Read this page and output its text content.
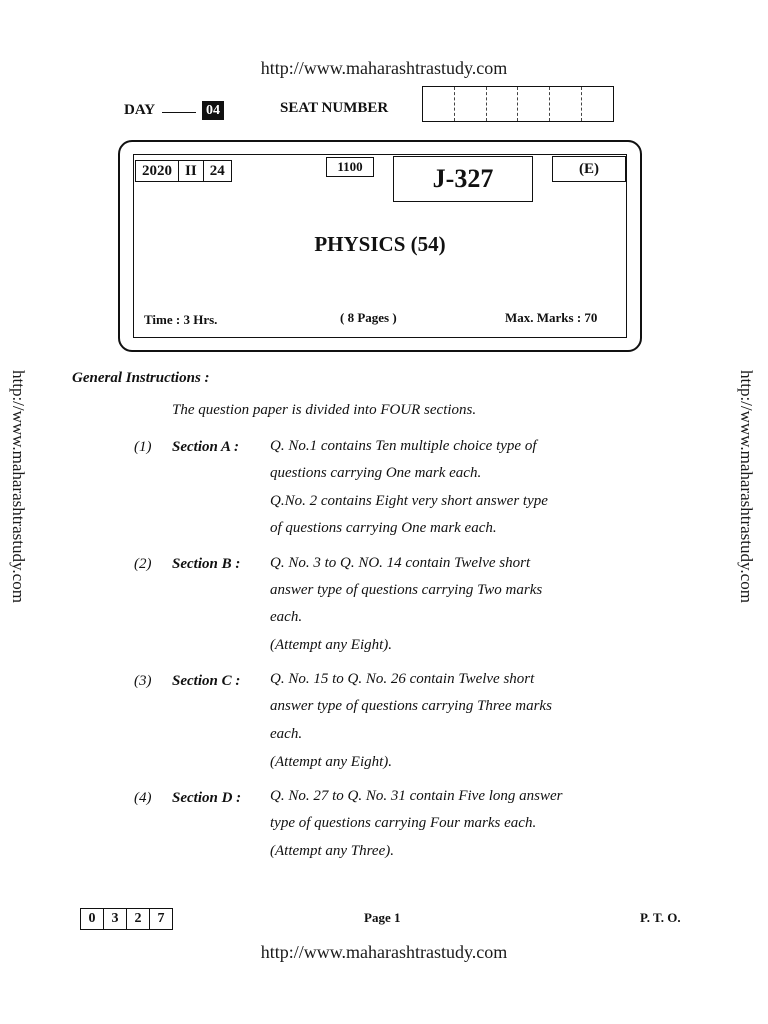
http://www.maharashtrastudy.com
http://www.maharashtrastudy.com
http://www.maharashtrastudy.com	http://www.maharashtrastudy.com
DAY	04	SEAT NUMBER
2020 II 24	1100	J-327	(E)
PHYSICS (54)
Time : 3 Hrs.	( 8 Pages )	Max. Marks : 70
General Instructions :
The question paper is divided into FOUR sections.
(1) Section A : Q. No.1 contains Ten multiple choice type of
questions carrying One mark each.
Q.No. 2 contains Eight very short answer type
of questions carrying One mark each.
(2) Section B : Q. No. 3 to Q. NO. 14 contain Twelve short
answer type of questions carrying Two marks
each.
(Attempt any Eight).
(3) Section C : Q. No. 15 to Q. No. 26 contain Twelve short
answer type of questions carrying Three marks
each.
(Attempt any Eight).
(4) Section D : Q. No. 27 to Q. No. 31 contain Five long answer
type of questions carrying Four marks each.
(Attempt any Three).
0	3	2	7	Page 1	P. T. O.
